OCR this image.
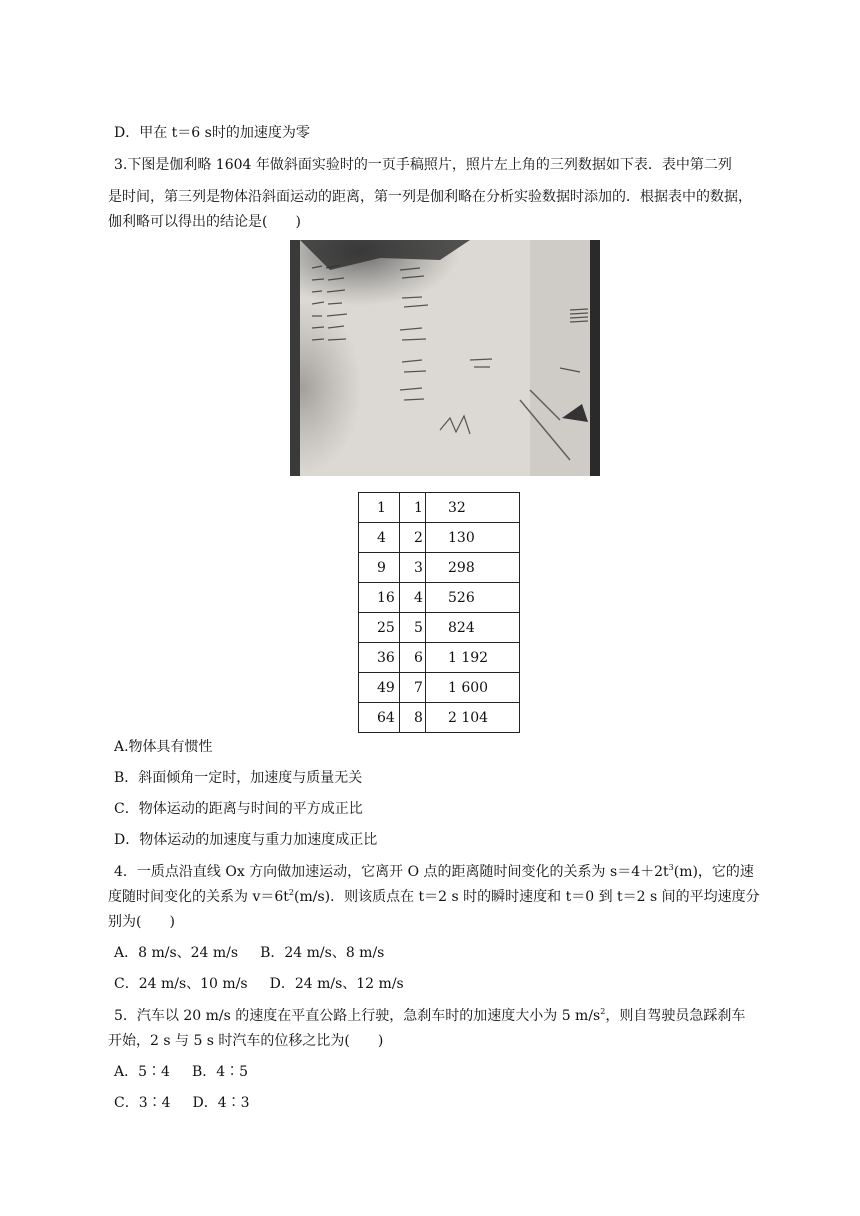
D．甲在 t＝6 s时的加速度为零
3.下图是伽利略 1604 年做斜面实验时的一页手稿照片，照片左上角的三列数据如下表．表中第二列
是时间，第三列是物体沿斜面运动的距离，第一列是伽利略在分析实验数据时添加的．根据表中的数据，
伽利略可以得出的结论是(　　)
1	1	32
4	2	130
9	3	298
16	4	526
25	5	824
36	6	1 192
49	7	1 600
64	8	2 104
A.物体具有惯性
B．斜面倾角一定时，加速度与质量无关
C．物体运动的距离与时间的平方成正比
D．物体运动的加速度与重力加速度成正比
4．一质点沿直线 Ox 方向做加速运动，它离开 O 点的距离随时间变化的关系为 $s=4+2t^3(m)$，它的速
度随时间变化的关系为 $v=6t^2(m/s)$．则该质点在 t＝2 s 时的瞬时速度和 t＝0 到 t＝2 s 间的平均速度分
别为(　　)
A．8 m/s、24 m/s B．24 m/s、8 m/s
C．24 m/s、10 m/s D．24 m/s、12 m/s
5．汽车以 20 m/s 的速度在平直公路上行驶，急刹车时的加速度大小为 5 $m/s^2$，则自驾驶员急踩刹车
开始，2 s 与 5 s 时汽车的位移之比为(　　)
A．5∶4 B．4∶5
C．3∶4 D．4∶3
